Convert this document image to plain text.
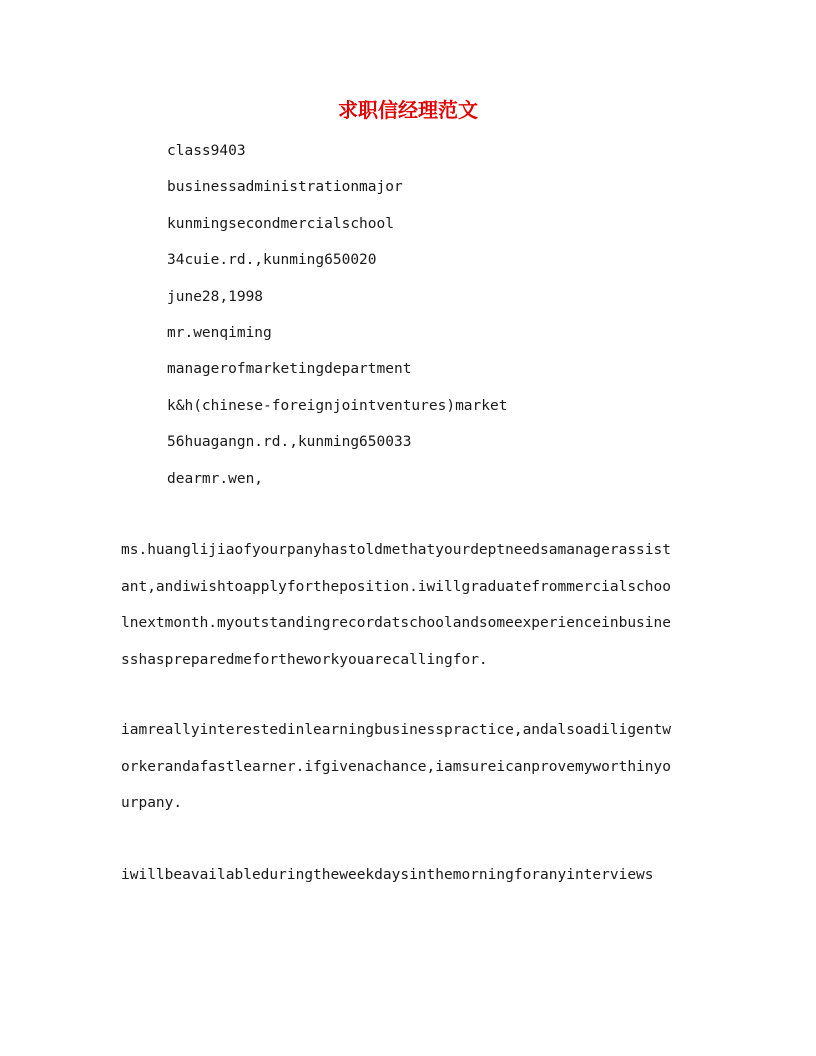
求职信经理范文
class9403
businessadministrationmajor
kunmingsecondmercialschool
34cuie.rd.,kunming650020
june28,1998
mr.wenqiming
managerofmarketingdepartment
k&h(chinese-foreignjointventures)market
56huagangn.rd.,kunming650033
dearmr.wen,

ms.huanglijiaofyourpanyhastoldmethatyourdeptneedsamanagerassistant,andiwishtoapplyfortheposition.iwillgraduatefrommercialschoolnextmonth.myoutstandingrecordatschoolandsomeexperienceinbusinesshaspreparedmefortheworkyouarecallingfor.

iamreallyinterestedinlearningbusinesspractice,andalsoadiligentworkerandafastlearner.ifgivenachance,iamsureicanprovemyworthinyourpany.

iwillbeavailableduringtheweekdaysinthemorningforanyinterviews
